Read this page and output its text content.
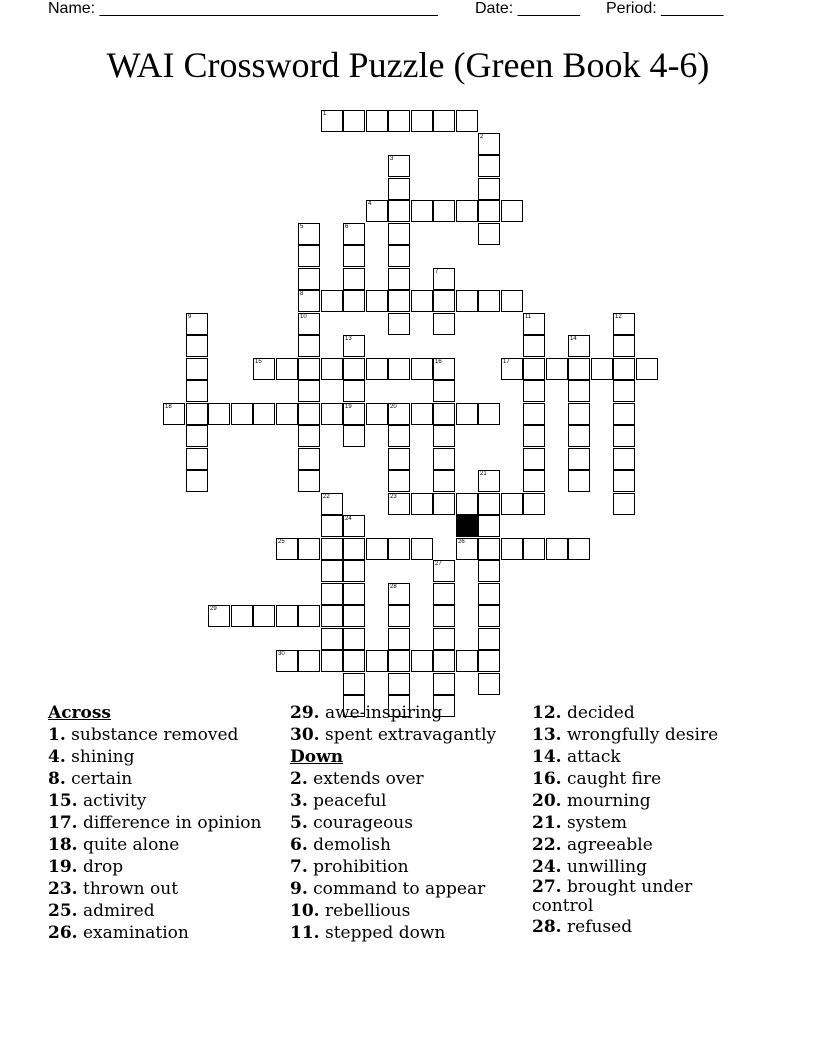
Name: ______________________________________ Date: _______ Period: _______
WAI Crossword Puzzle (Green Book 4-6)
1
2
3
4
5
8
10
6
7
9	11	12
13
19
14
15	16	17
18	20
21
22	23
24
25	26
27
28
29
30
Across
1. substance removed
4. shining
8. certain
15. activity
17. difference in opinion
18. quite alone
19. drop
23. thrown out
25. admired
26. examination
29. awe-inspiring
30. spent extravagantly
Down
2. extends over
3. peaceful
5. courageous
6. demolish
7. prohibition
9. command to appear
10. rebellious
11. stepped down
12. decided
13. wrongfully desire
14. attack
16. caught fire
20. mourning
21. system
22. agreeable
24. unwilling
27. brought under control
28. refused
